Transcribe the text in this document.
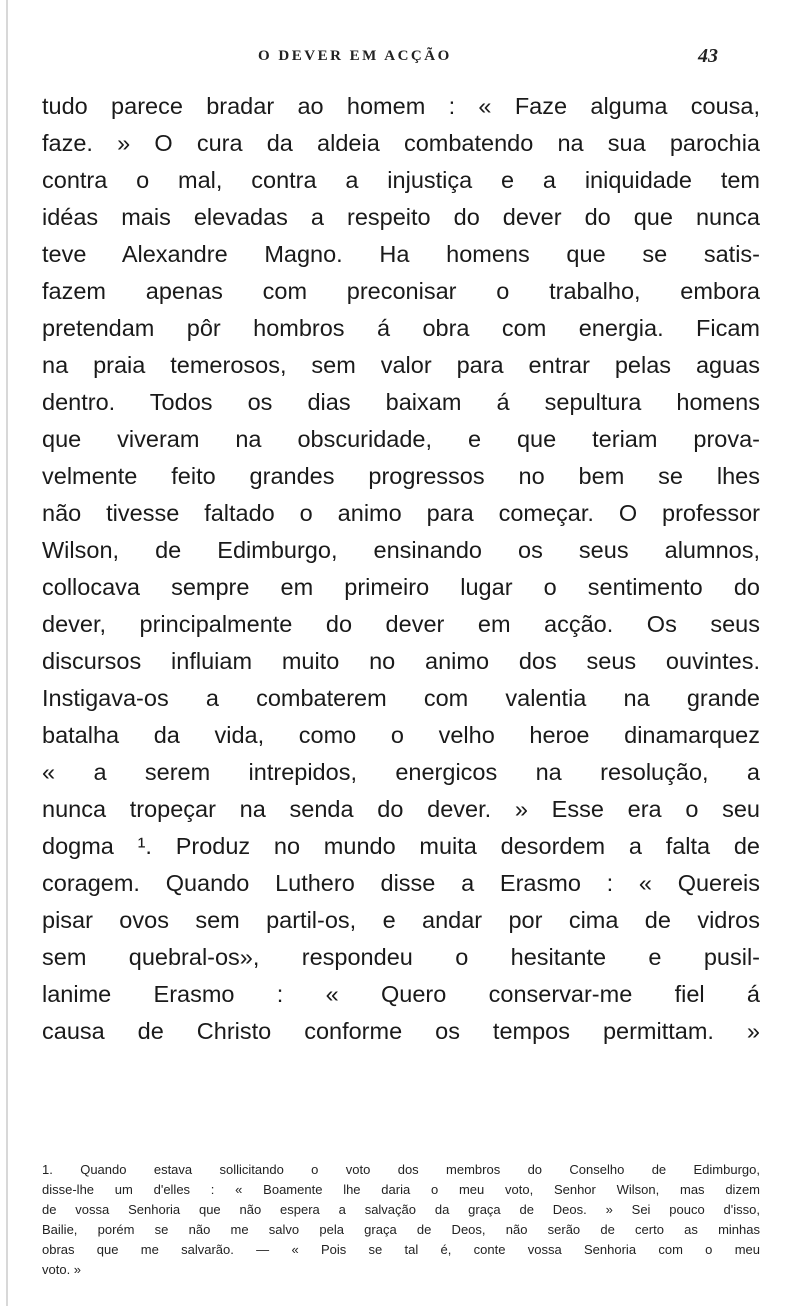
O DEVER EM ACÇÃO	43
tudo parece bradar ao homem : « Faze alguma cousa,
faze. » O cura da aldeia combatendo na sua parochia
contra o mal, contra a injustiça e a iniquidade tem
idéas mais elevadas a respeito do dever do que nunca
teve Alexandre Magno. Ha homens que se satis-
fazem apenas com preconisar o trabalho, embora
pretendam pôr hombros á obra com energia. Ficam
na praia temerosos, sem valor para entrar pelas aguas
dentro. Todos os dias baixam á sepultura homens
que viveram na obscuridade, e que teriam prova-
velmente feito grandes progressos no bem se lhes
não tivesse faltado o animo para começar. O professor
Wilson, de Edimburgo, ensinando os seus alumnos,
collocava sempre em primeiro lugar o sentimento do
dever, principalmente do dever em acção. Os seus
discursos influiam muito no animo dos seus ouvintes.
Instigava-os a combaterem com valentia na grande
batalha da vida, como o velho heroe dinamarquez
« a serem intrepidos, energicos na resolução, a
nunca tropeçar na senda do dever. » Esse era o seu
dogma ¹. Produz no mundo muita desordem a falta de
coragem. Quando Luthero disse a Erasmo : « Quereis
pisar ovos sem partil-os, e andar por cima de vidros
sem quebral-os», respondeu o hesitante e pusil-
lanime Erasmo : « Quero conservar-me fiel á
causa de Christo conforme os tempos permittam. »
1. Quando estava sollicitando o voto dos membros do Conselho de Edimburgo,
disse-lhe um d'elles : « Boamente lhe daria o meu voto, Senhor Wilson, mas dizem
de vossa Senhoria que não espera a salvação da graça de Deos. » Sei pouco d'isso,
Bailie, porém se não me salvo pela graça de Deos, não serão de certo as minhas
obras que me salvarão. — « Pois se tal é, conte vossa Senhoria com o meu
voto. »
